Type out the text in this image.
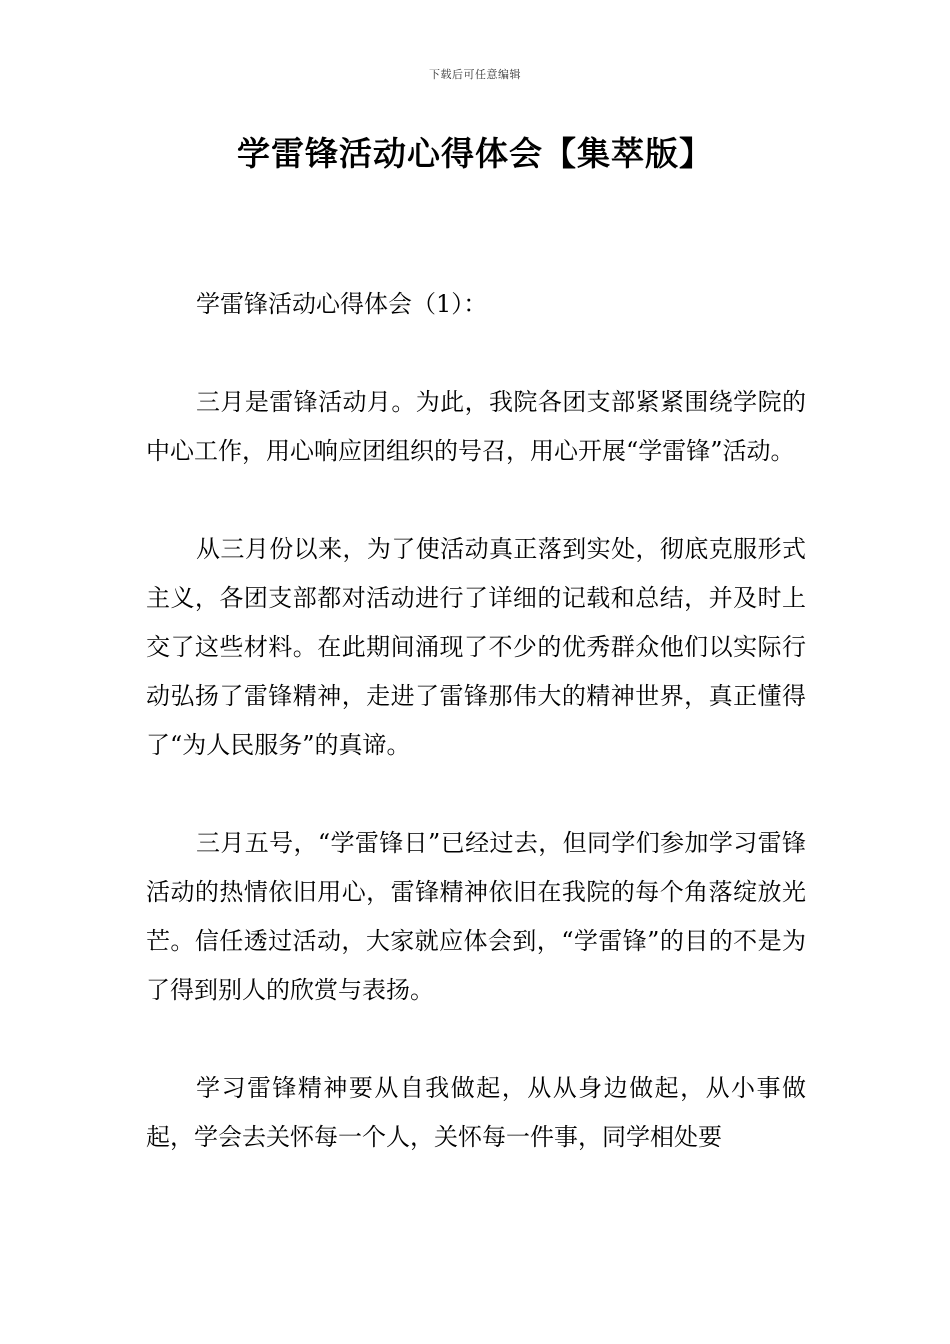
下载后可任意编辑
学雷锋活动心得体会【集萃版】

学雷锋活动心得体会（1）：

三月是雷锋活动月。为此，我院各团支部紧紧围绕学院的中心工作，用心响应团组织的号召，用心开展“学雷锋”活动。

从三月份以来，为了使活动真正落到实处，彻底克服形式主义，各团支部都对活动进行了详细的记载和总结，并及时上交了这些材料。在此期间涌现了不少的优秀群众他们以实际行动弘扬了雷锋精神，走进了雷锋那伟大的精神世界，真正懂得了“为人民服务”的真谛。

三月五号，“学雷锋日”已经过去，但同学们参加学习雷锋活动的热情依旧用心，雷锋精神依旧在我院的每个角落绽放光芒。信任透过活动，大家就应体会到，“学雷锋”的目的不是为了得到别人的欣赏与表扬。

学习雷锋精神要从自我做起，从从身边做起，从小事做起，学会去关怀每一个人，关怀每一件事，同学相处要
